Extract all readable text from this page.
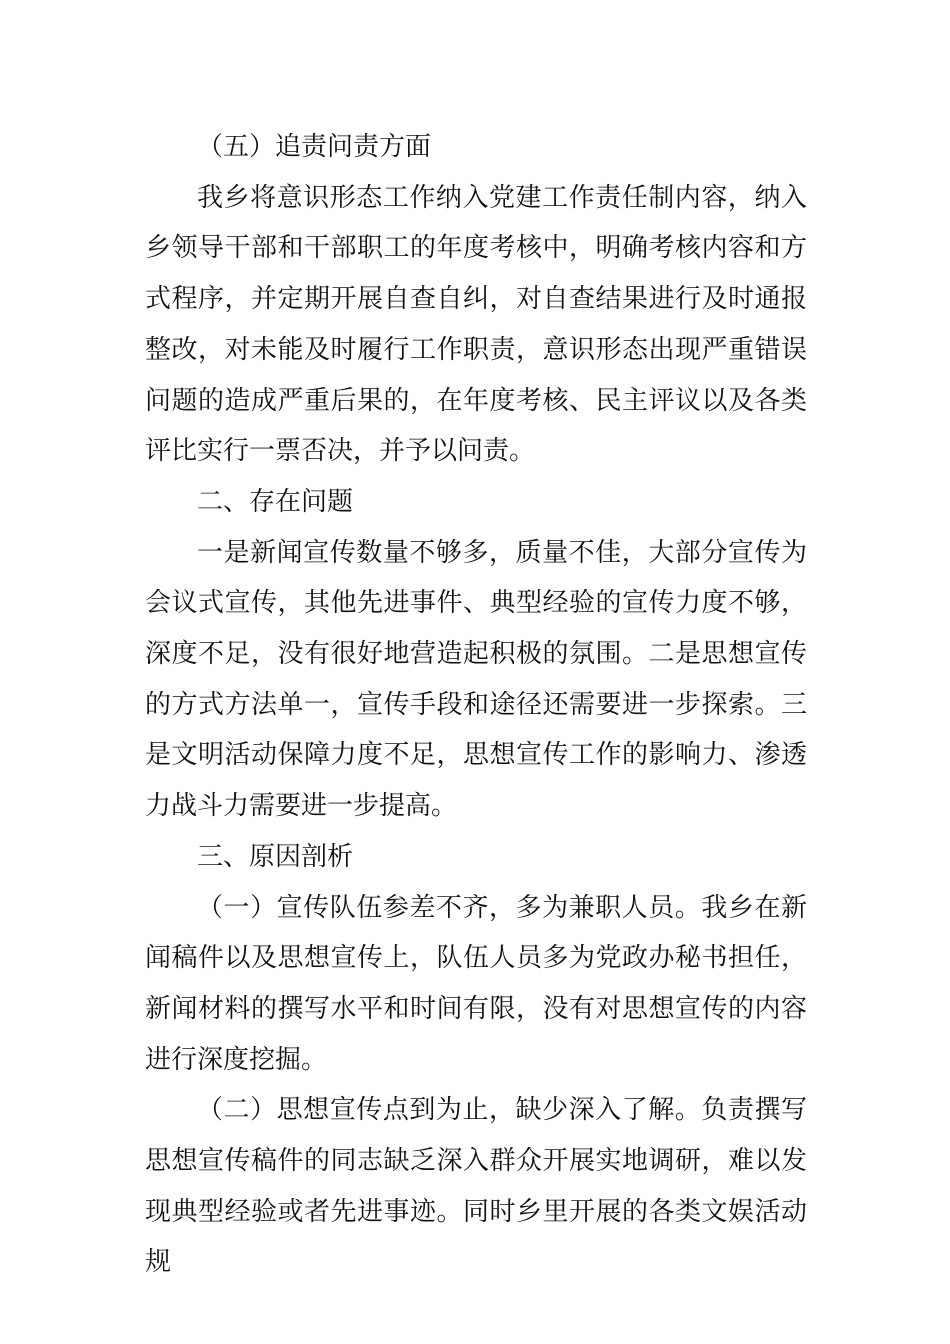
（五）追责问责方面

我乡将意识形态工作纳入党建工作责任制内容，纳入乡领导干部和干部职工的年度考核中，明确考核内容和方式程序，并定期开展自查自纠，对自查结果进行及时通报整改，对未能及时履行工作职责，意识形态出现严重错误问题的造成严重后果的，在年度考核、民主评议以及各类评比实行一票否决，并予以问责。

二、存在问题

一是新闻宣传数量不够多，质量不佳，大部分宣传为会议式宣传，其他先进事件、典型经验的宣传力度不够，深度不足，没有很好地营造起积极的氛围。二是思想宣传的方式方法单一，宣传手段和途径还需要进一步探索。三是文明活动保障力度不足，思想宣传工作的影响力、渗透力战斗力需要进一步提高。

三、原因剖析

（一）宣传队伍参差不齐，多为兼职人员。我乡在新闻稿件以及思想宣传上，队伍人员多为党政办秘书担任，新闻材料的撰写水平和时间有限，没有对思想宣传的内容进行深度挖掘。

（二）思想宣传点到为止，缺少深入了解。负责撰写思想宣传稿件的同志缺乏深入群众开展实地调研，难以发现典型经验或者先进事迹。同时乡里开展的各类文娱活动规
